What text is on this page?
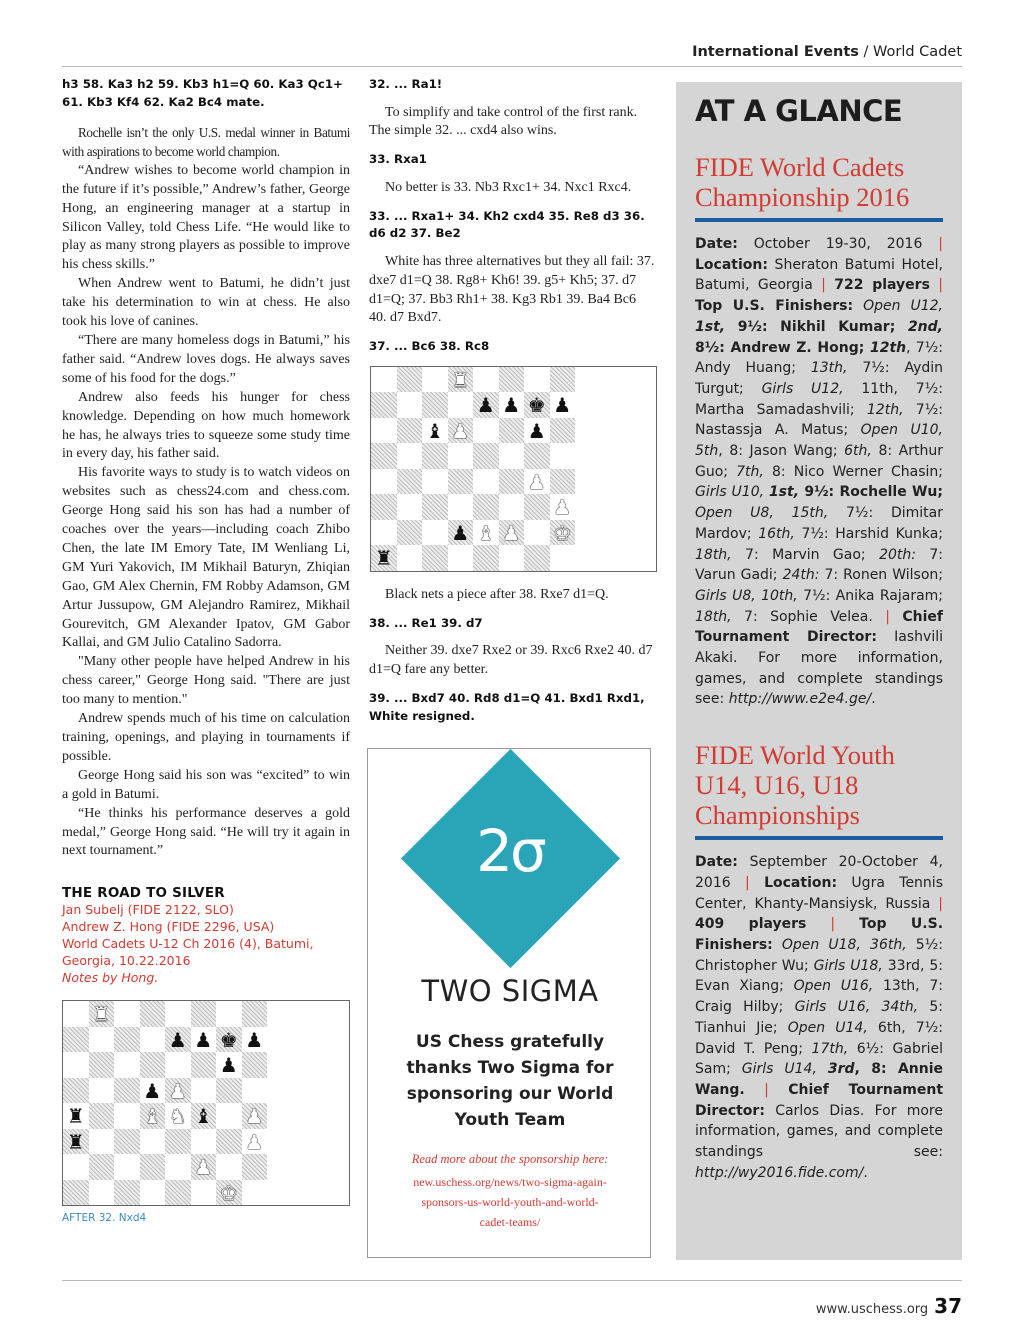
International Events / World Cadet
h3 58. Ka3 h2 59. Kb3 h1=Q 60. Ka3 Qc1+ 61. Kb3 Kf4 62. Ka2 Bc4 mate.

Rochelle isn’t the only U.S. medal winner in Batumi with aspirations to become world champion.

“Andrew wishes to become world champion in the future if it’s possible,” Andrew’s father, George Hong, an engineering manager at a startup in Silicon Valley, told Chess Life. “He would like to play as many strong players as possible to improve his chess skills.”

When Andrew went to Batumi, he didn’t just take his determination to win at chess. He also took his love of canines.

“There are many homeless dogs in Batumi,” his father said. “Andrew loves dogs. He always saves some of his food for the dogs.”

Andrew also feeds his hunger for chess knowledge. Depending on how much homework he has, he always tries to squeeze some study time in every day, his father said.

His favorite ways to study is to watch videos on websites such as chess24.com and chess.com. George Hong said his son has had a number of coaches over the years—including coach Zhibo Chen, the late IM Emory Tate, IM Wenliang Li, GM Yuri Yakovich, IM Mikhail Baturyn, Zhiqian Gao, GM Alex Chernin, FM Robby Adamson, GM Artur Jussupow, GM Alejandro Ramirez, Mikhail Gourevitch, GM Alexander Ipatov, GM Gabor Kallai, and GM Julio Catalino Sadorra.

"Many other people have helped Andrew in his chess career," George Hong said. "There are just too many to mention."

Andrew spends much of his time on calculation training, openings, and playing in tournaments if possible.

George Hong said his son was “excited” to win a gold in Batumi.

“He thinks his performance deserves a gold medal,” George Hong said. “He will try it again in next tournament.”

THE ROAD TO SILVER
Jan Subelj (FIDE 2122, SLO)
Andrew Z. Hong (FIDE 2296, USA)
World Cadets U-12 Ch 2016 (4), Batumi, Georgia, 10.22.2016
Notes by Hong.
♜
♟ ♟ ♚ ♟
♟
♟ ♟
♜	♝ ♞ ♝ ♟
♜	♟
♟
♚
AFTER 32. Nxd4
32. ... Ra1!
To simplify and take control of the first rank. The simple 32. ... cxd4 also wins.
33. Rxa1
No better is 33. Nb3 Rxc1+ 34. Nxc1 Rxc4.
33. ... Rxa1+ 34. Kh2 cxd4 35. Re8 d3 36. d6 d2 37. Be2
White has three alternatives but they all fail: 37. dxe7 d1=Q 38. Rg8+ Kh6! 39. g5+ Kh5; 37. d7 d1=Q; 37. Bb3 Rh1+ 38. Kg3 Rb1 39. Ba4 Bc6 40. d7 Bxd7.
37. ... Bc6 38. Rc8
♜
♟ ♟ ♚ ♟
♝ ♟	♟
♟
♟
♟ ♝ ♟ ♚
♜
Black nets a piece after 38. Rxe7 d1=Q.
38. ... Re1 39. d7
Neither 39. dxe7 Rxe2 or 39. Rxc6 Rxe2 40. d7 d1=Q fare any better.
39. ... Bxd7 40. Rd8 d1=Q 41. Bxd1 Rxd1, White resigned.
2σ
TWO SIGMA
US Chess gratefully thanks Two Sigma for sponsoring our World Youth Team
Read more about the sponsorship here:
new.uschess.org/news/two-sigma-again-sponsors-us-world-youth-and-world-cadet-teams/
AT A GLANCE
FIDE World Cadets Championship 2016
Date: October 19-30, 2016 | Location: Sheraton Batumi Hotel, Batumi, Georgia | 722 players | Top U.S. Finishers: Open U12, 1st, 9½: Nikhil Kumar; 2nd, 8½: Andrew Z. Hong; 12th, 7½: Andy Huang; 13th, 7½: Aydin Turgut; Girls U12, 11th, 7½: Martha Samadashvili; 12th, 7½: Nastassja A. Matus; Open U10, 5th, 8: Jason Wang; 6th, 8: Arthur Guo; 7th, 8: Nico Werner Chasin; Girls U10, 1st, 9½: Rochelle Wu; Open U8, 15th, 7½: Dimitar Mardov; 16th, 7½: Harshid Kunka; 18th, 7: Marvin Gao; 20th: 7: Varun Gadi; 24th: 7: Ronen Wilson; Girls U8, 10th, 7½: Anika Rajaram; 18th, 7: Sophie Velea. | Chief Tournament Director: Iashvili Akaki. For more information, games, and complete standings see: http://www.e2e4.ge/.
FIDE World Youth U14, U16, U18 Championships
Date: September 20-October 4, 2016 | Location: Ugra Tennis Center, Khanty-Mansiysk, Russia | 409 players | Top U.S. Finishers: Open U18, 36th, 5½: Christopher Wu; Girls U18, 33rd, 5: Evan Xiang; Open U16, 13th, 7: Craig Hilby; Girls U16, 34th, 5: Tianhui Jie; Open U14, 6th, 7½: David T. Peng; 17th, 6½: Gabriel Sam; Girls U14, 3rd, 8: Annie Wang. | Chief Tournament Director: Carlos Dias. For more information, games, and complete standings see: http://wy2016.fide.com/.
www.uschess.org 37
